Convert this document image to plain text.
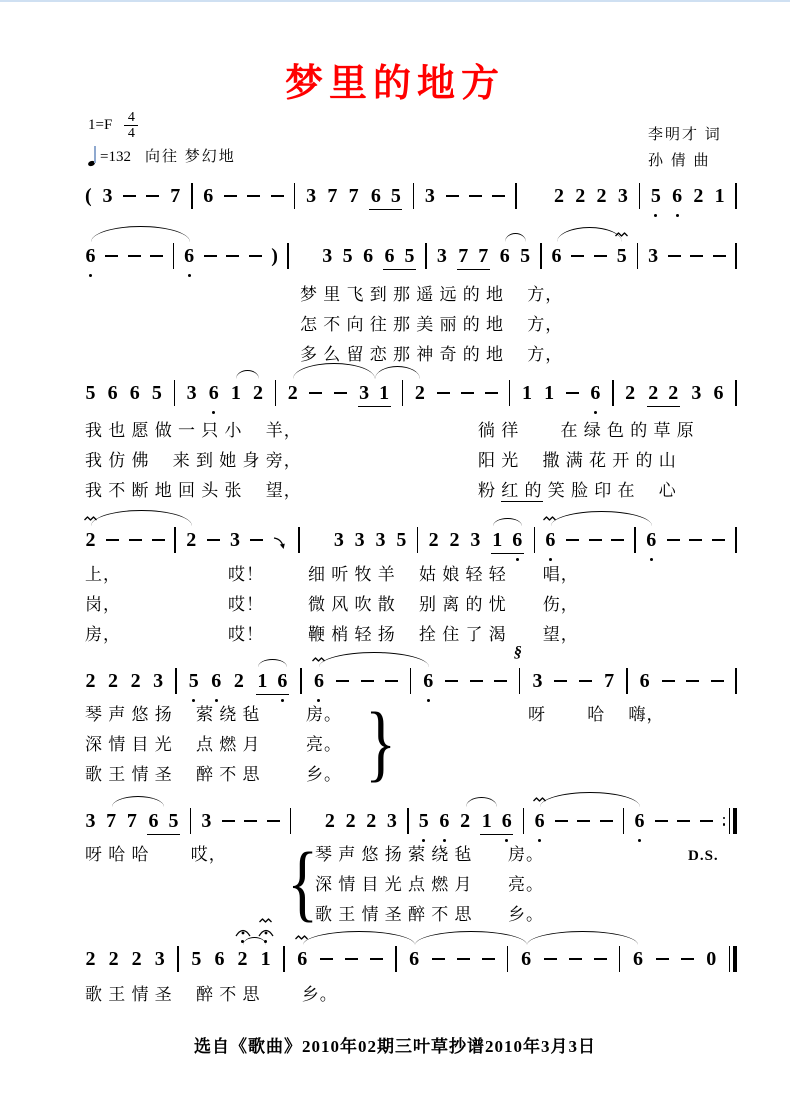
梦里的地方
$1=F \frac{4}{4}$
=132 向往 梦幻地
李明才 词
孙 倩 曲
( 3	7 6	3 7 7 6 5 3	2 2 2 3 5 6 2 1
6	6	) 3 5 6 6 5 3 7 7 6 5 6	5 3
梦 里 飞 到 那 遥 远 的 地　 方，
怎 不 向 往 那 美 丽 的 地　 方，
多 么 留 恋 那 神 奇 的 地　 方，
5 6 6 5 3 6 1 2 2	3 1 2	1 1 6 2 2 2 3 6
我 也 愿 做 一 只 小　 羊，
我 仿 佛　 来 到 她 身 旁，
我 不 断 地 回 头 张　 望，
徜 徉　　 在 绿 色 的 草 原
阳 光　 撒 满 花 开 的 山
粉 红 的 笑 脸 印 在　 心
2	2 3	3 3 3 5 2 2 3 1 6 6	6
上，
岗，
房，
哎！
哎！
哎！
细 听 牧 羊　 姑 娘 轻 轻　　唱，
微 风 吹 散　 别 离 的 忧　　伤，
鞭 梢 轻 扬　 拴 住 了 渴　　望，
2 2 2 3 5 6 2 1 6 6	6
§
3	7 6
琴 声 悠 扬　 萦 绕 毡
深 情 目 光　 点 燃 月
歌 王 情 圣　 醉 不 思
房。
亮。
乡。
呀　　 哈　 嗨，
}
3 7 7 6 5 3	2 2 2 3 5 6 2 1 6 6	6
呀 哈 哈　　 哎，	琴 声 悠 扬 萦 绕 毡
深 情 目 光 点 燃 月
歌 王 情 圣 醉 不 思
房。
亮。
乡。
D.S.
{
2 2 2 3 5 6 2 1 6	6	6	6	0
歌 王 情 圣　 醉 不 思　　 乡。
选自《歌曲》2010年02期三叶草抄谱2010年3月3日
